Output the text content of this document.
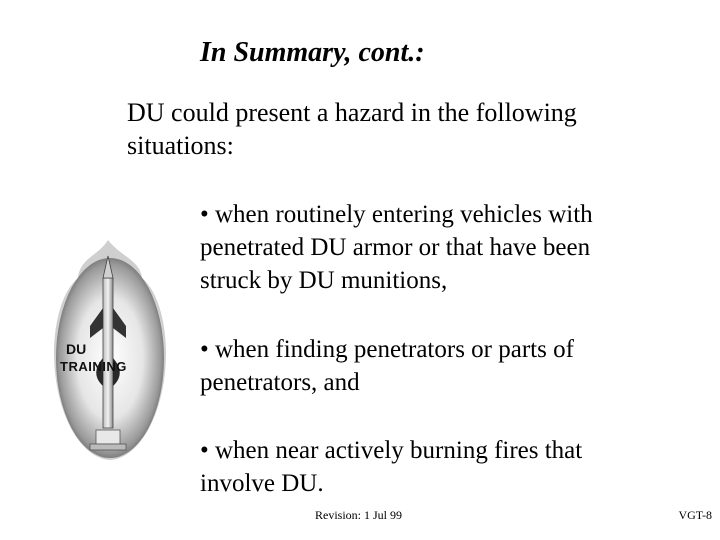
In Summary, cont.:
DU could present a hazard in the following
situations:
DU
TRAINING
• when routinely entering vehicles with
penetrated DU armor or that have been
struck by DU munitions,
• when finding penetrators or parts of
penetrators, and
• when near actively burning fires that
involve DU.
Revision: 1 Jul 99	VGT-8
